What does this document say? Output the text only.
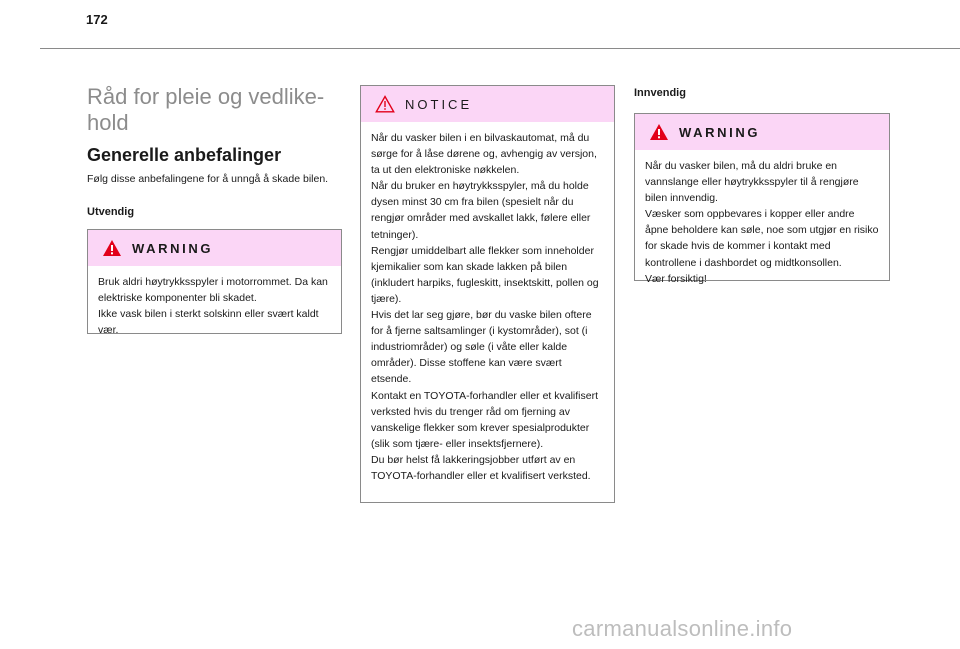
172
Råd for pleie og vedlike-hold
Generelle anbefalinger

Følg disse anbefalingene for å unngå å skade bilen.

Utvendig
WARNING

Bruk aldri høytrykksspyler i motorrommet. Da kan elektriske komponenter bli skadet.

Ikke vask bilen i sterkt solskinn eller svært kaldt vær.

NOTICE

Når du vasker bilen i en bilvaskautomat, må du sørge for å låse dørene og, avhengig av versjon, ta ut den elektroniske nøkkelen.

Når du bruker en høytrykksspyler, må du holde dysen minst 30 cm fra bilen (spesielt når du rengjør områder med avskallet lakk, følere eller tetninger).

Rengjør umiddelbart alle flekker som inneholder kjemikalier som kan skade lakken på bilen (inkludert harpiks, fugleskitt, insektskitt, pollen og tjære).

Hvis det lar seg gjøre, bør du vaske bilen oftere for å fjerne saltsamlinger (i kystområder), sot (i industriområder) og søle (i våte eller kalde områder). Disse stoffene kan være svært etsende.

Kontakt en TOYOTA-forhandler eller et kvalifisert verksted hvis du trenger råd om fjerning av vanskelige flekker som krever spesialprodukter (slik som tjære- eller insektsfjernere).

Du bør helst få lakkeringsjobber utført av en TOYOTA-forhandler eller et kvalifisert verksted.

Innvendig
WARNING

Når du vasker bilen, må du aldri bruke en vannslange eller høytrykksspyler til å rengjøre bilen innvendig.

Væsker som oppbevares i kopper eller andre åpne beholdere kan søle, noe som utgjør en risiko for skade hvis de kommer i kontakt med kontrollene i dashbordet og midtkonsollen.

Vær forsiktig!

carmanualsonline.info
